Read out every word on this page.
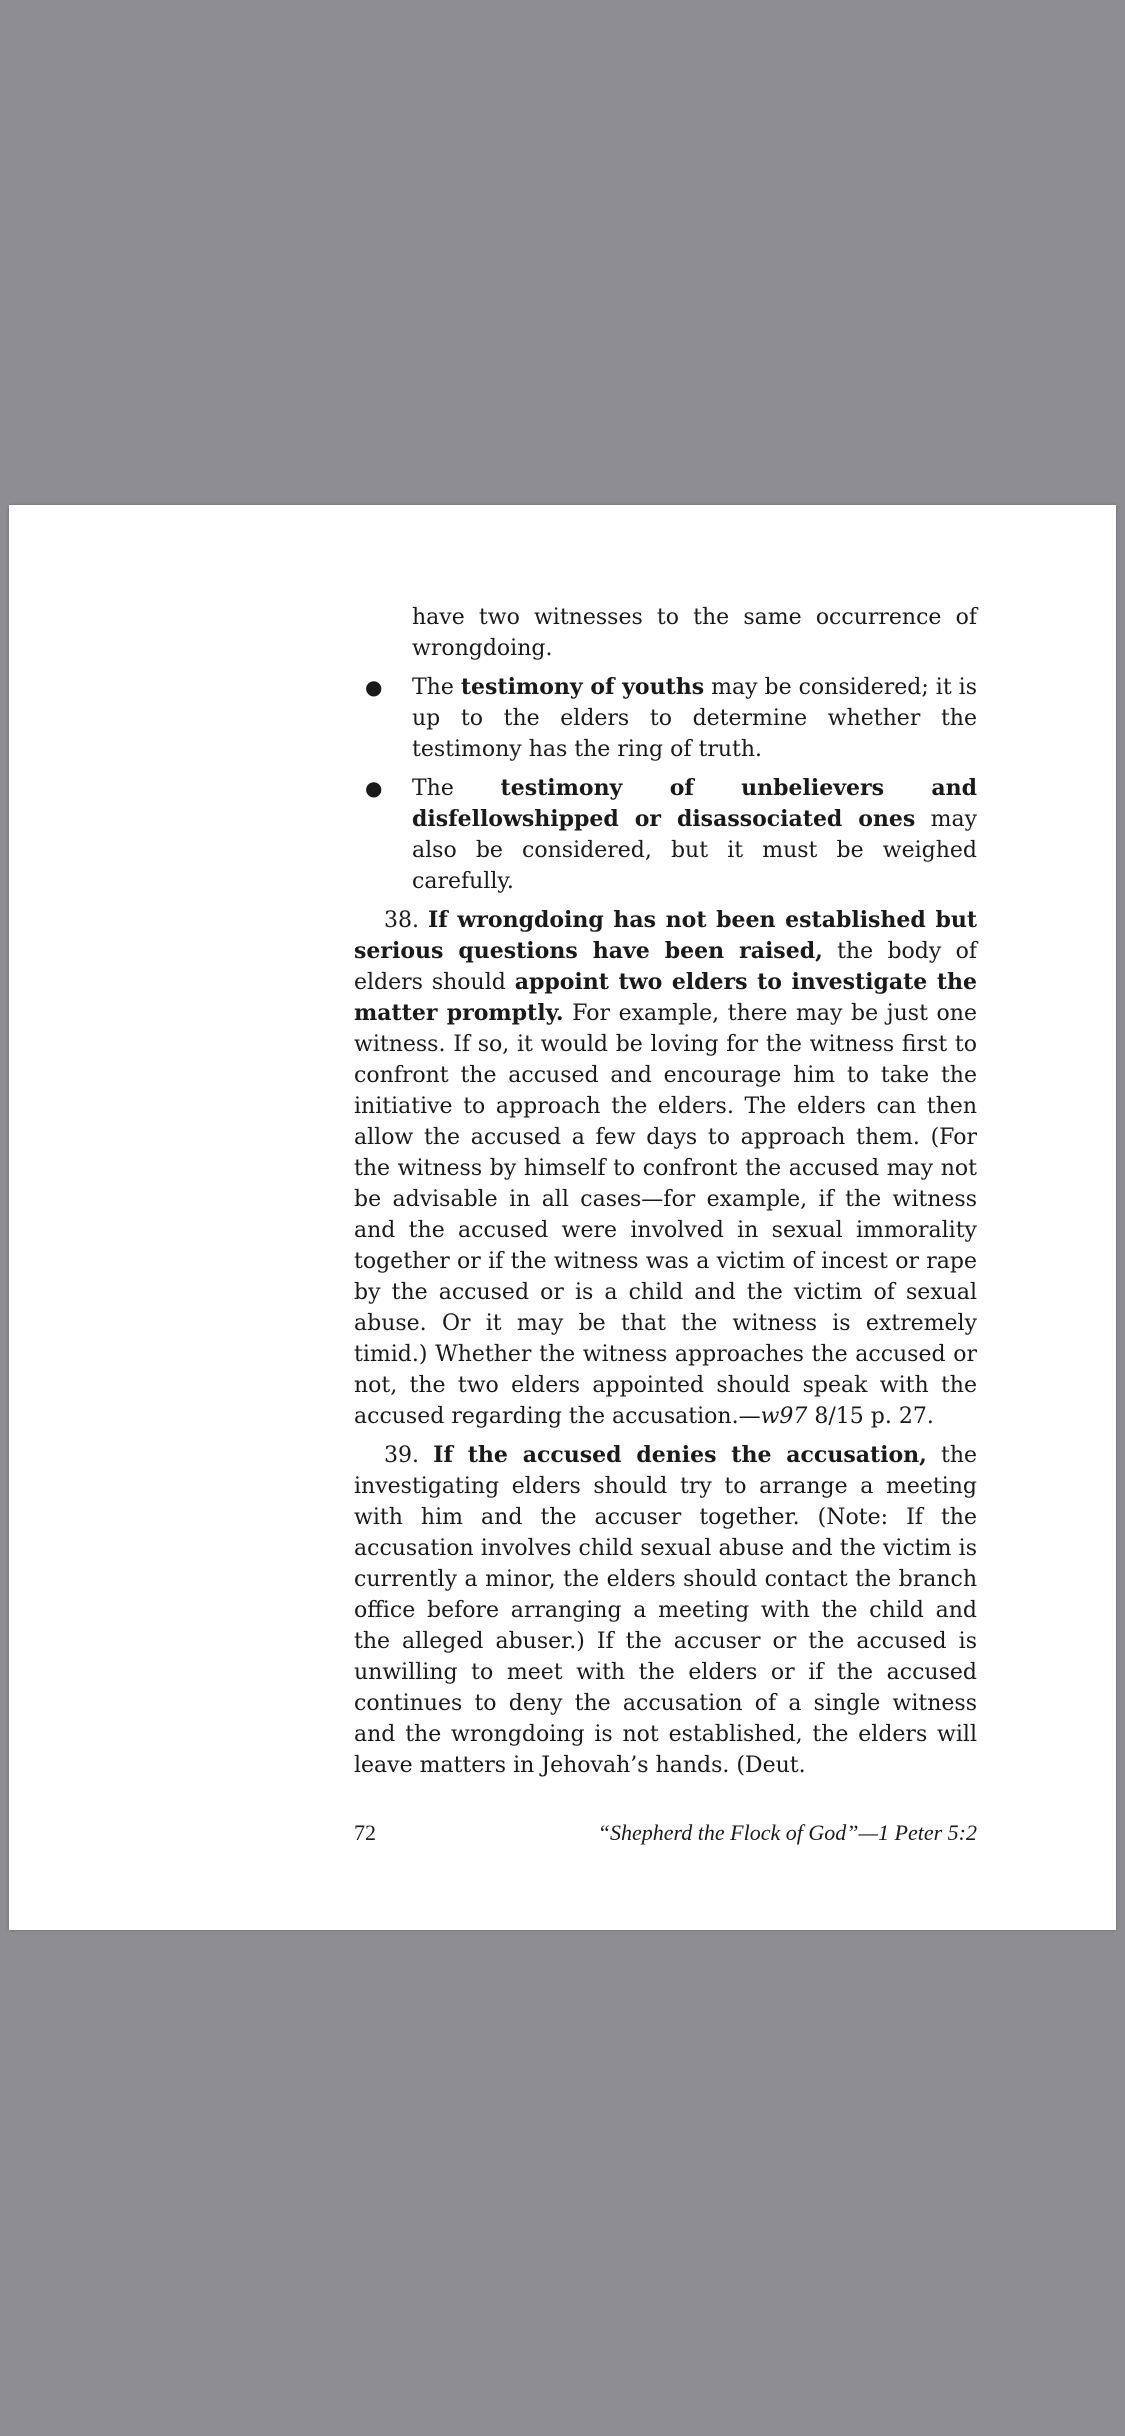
have two witnesses to the same occurrence of wrongdoing.

● The testimony of youths may be considered; it is up to the elders to determine whether the testimony has the ring of truth.

● The testimony of unbelievers and disfellowshipped or disassociated ones may also be considered, but it must be weighed carefully.

38. If wrongdoing has not been established but serious questions have been raised, the body of elders should appoint two elders to investigate the matter promptly. For example, there may be just one witness. If so, it would be loving for the witness first to confront the accused and encourage him to take the initiative to approach the elders. The elders can then allow the accused a few days to approach them. (For the witness by himself to confront the accused may not be advisable in all cases—for example, if the witness and the accused were involved in sexual immorality together or if the witness was a victim of incest or rape by the accused or is a child and the victim of sexual abuse. Or it may be that the witness is extremely timid.) Whether the witness approaches the accused or not, the two elders appointed should speak with the accused regarding the accusation.—w97 8/15 p. 27.

39. If the accused denies the accusation, the investigating elders should try to arrange a meeting with him and the accuser together. (Note: If the accusation involves child sexual abuse and the victim is currently a minor, the elders should contact the branch office before arranging a meeting with the child and the alleged abuser.) If the accuser or the accused is unwilling to meet with the elders or if the accused continues to deny the accusation of a single witness and the wrongdoing is not established, the elders will leave matters in Jehovah’s hands. (Deut.

72	“Shepherd the Flock of God”—1 Peter 5:2
